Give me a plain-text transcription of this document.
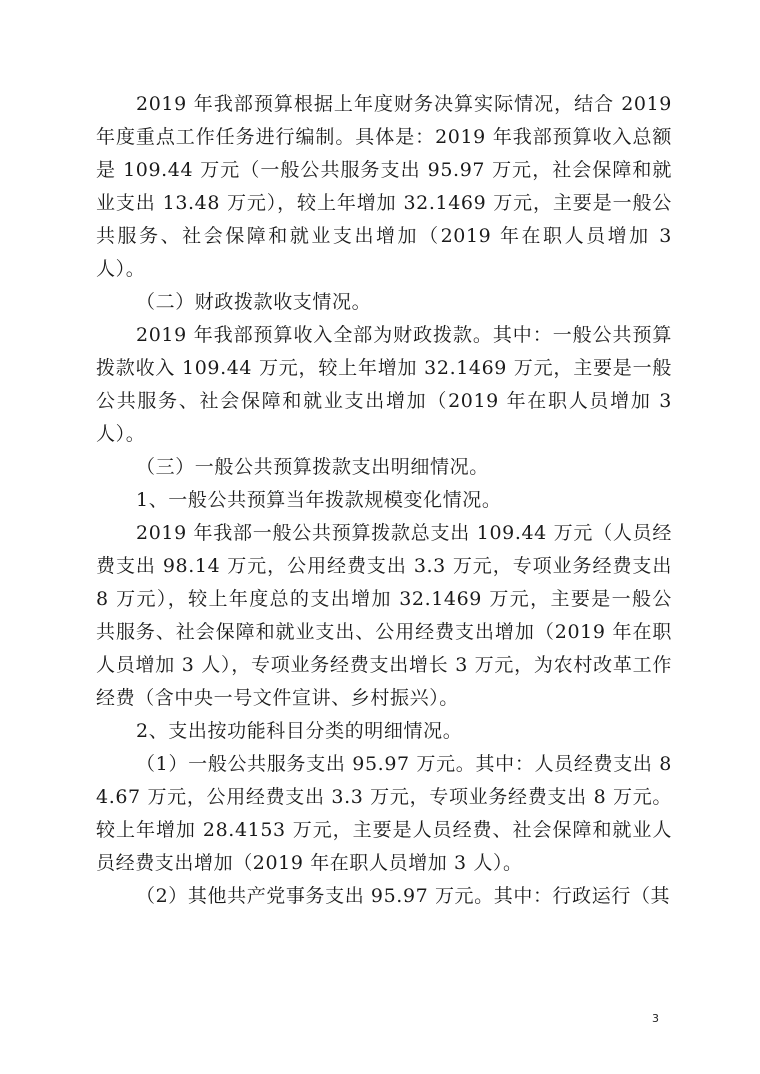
2019 年我部预算根据上年度财务决算实际情况，结合 2019 年度重点工作任务进行编制。具体是：2019 年我部预算收入总额是 109.44 万元（一般公共服务支出 95.97 万元，社会保障和就业支出 13.48 万元），较上年增加 32.1469 万元，主要是一般公共服务、社会保障和就业支出增加（2019 年在职人员增加 3 人）。

（二）财政拨款收支情况。

2019 年我部预算收入全部为财政拨款。其中：一般公共预算拨款收入 109.44 万元，较上年增加 32.1469 万元，主要是一般公共服务、社会保障和就业支出增加（2019 年在职人员增加 3 人）。

（三）一般公共预算拨款支出明细情况。

1、一般公共预算当年拨款规模变化情况。

2019 年我部一般公共预算拨款总支出 109.44 万元（人员经费支出 98.14 万元，公用经费支出 3.3 万元，专项业务经费支出 8 万元），较上年度总的支出增加 32.1469 万元，主要是一般公共服务、社会保障和就业支出、公用经费支出增加（2019 年在职人员增加 3 人），专项业务经费支出增长 3 万元，为农村改革工作经费（含中央一号文件宣讲、乡村振兴）。

2、支出按功能科目分类的明细情况。

（1）一般公共服务支出 95.97 万元。其中：人员经费支出 84.67 万元，公用经费支出 3.3 万元，专项业务经费支出 8 万元。较上年增加 28.4153 万元，主要是人员经费、社会保障和就业人员经费支出增加（2019 年在职人员增加 3 人）。

（2）其他共产党事务支出 95.97 万元。其中：行政运行（其

3
